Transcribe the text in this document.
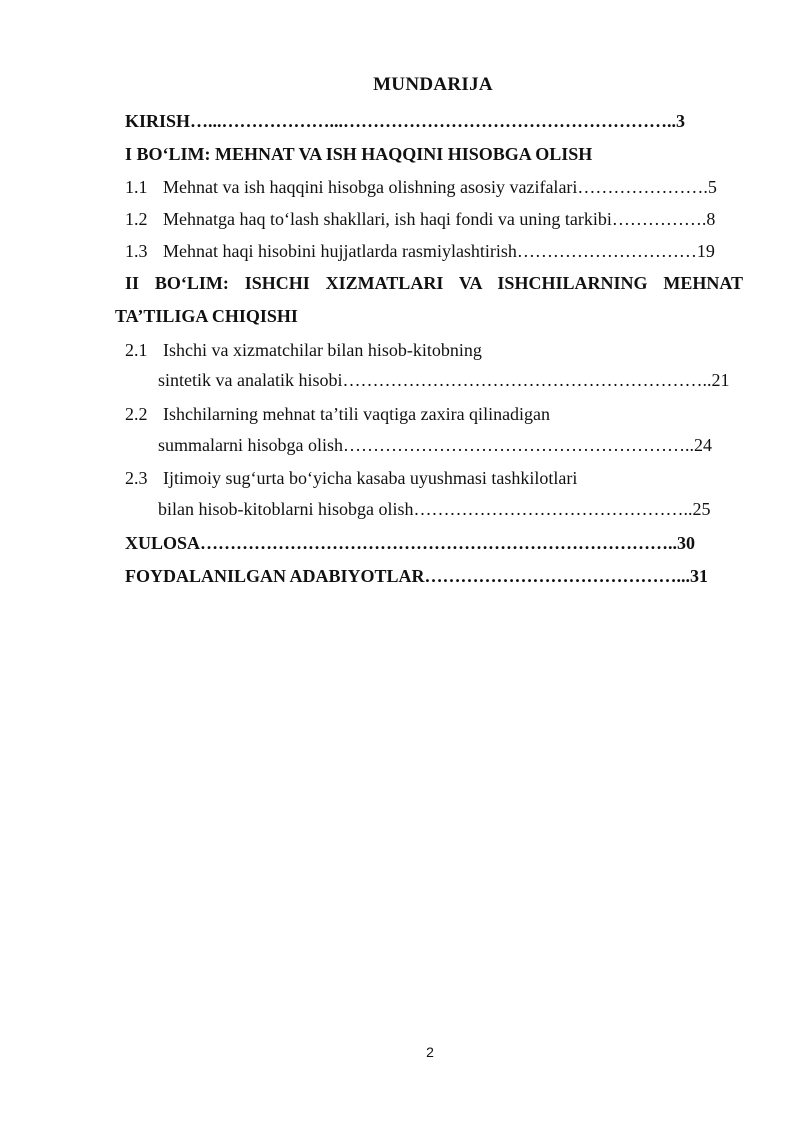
MUNDARIJA
KIRISH…...………………...………………………………………………..3
I BO‘LIM: MEHNAT VA ISH HAQQINI HISOBGA OLISH
1.1 Mehnat va ish haqqini hisobga olishning asosiy vazifalari………………….5
1.2 Mehnatga haq to‘lash shakllari, ish haqi fondi va uning tarkibi…………….8
1.3 Mehnat haqi hisobini hujjatlarda rasmiylashtirish…………………………19
II BO‘LIM: ISHCHI XIZMATLARI VA ISHCHILARNING MEHNAT
TA’TILIGA CHIQISHI
2.1 Ishchi va xizmatchilar bilan hisob-kitobning
sintetik va analatik hisobi……………………………………………………..21
2.2 Ishchilarning mehnat ta’tili vaqtiga zaxira qilinadigan
summalarni hisobga olish…………………………………………………..24
2.3 Ijtimoiy sug‘urta bo‘yicha kasaba uyushmasi tashkilotlari
bilan hisob-kitoblarni hisobga olish………………………………………..25
XULOSA……………………………………………………………………..30
FOYDALANILGAN ADABIYOTLAR……………………………………...31
2
